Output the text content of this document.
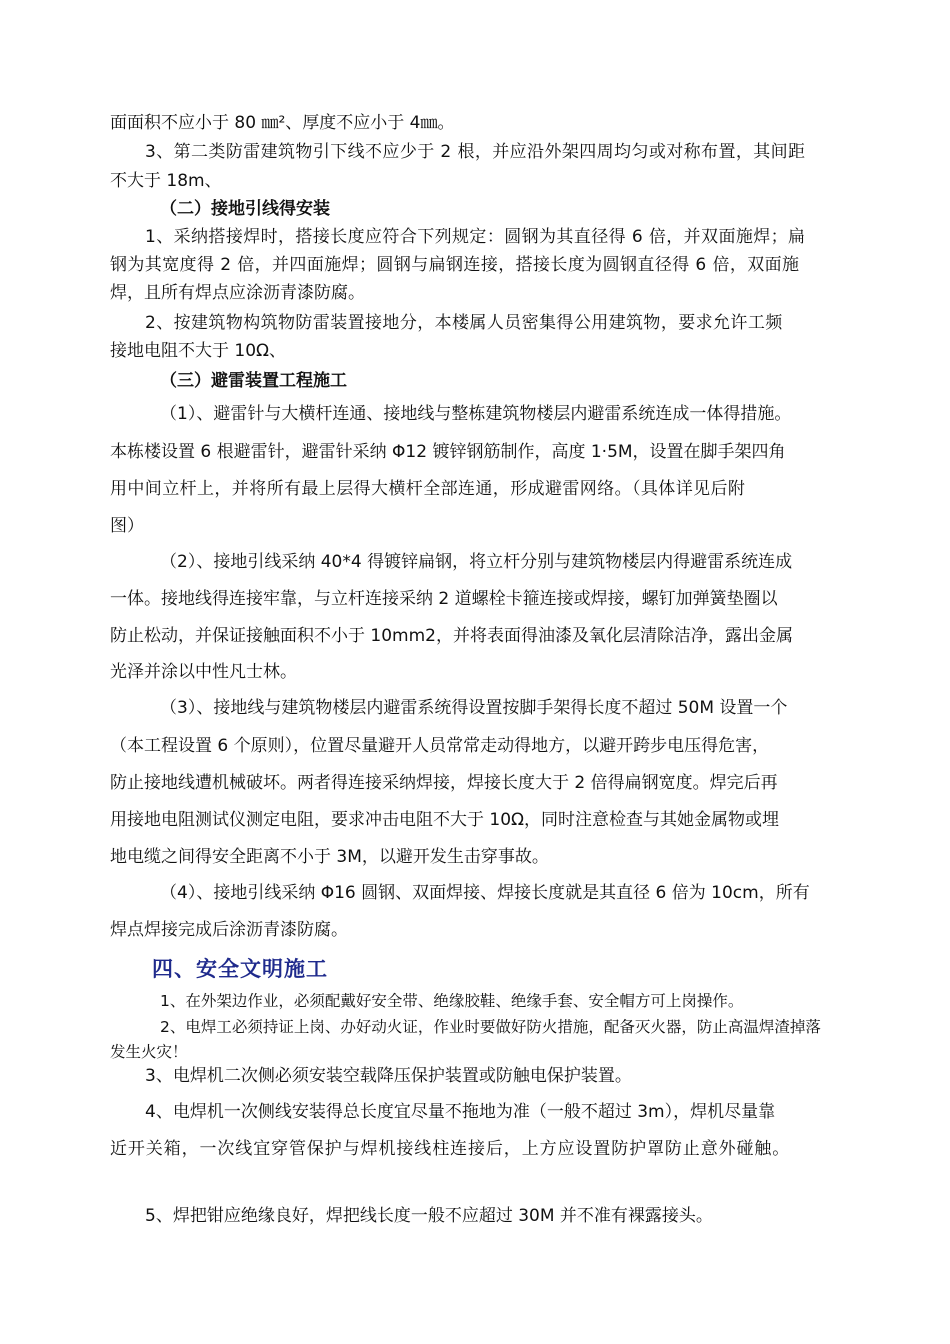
面面积不应小于 80 ㎜²、厚度不应小于 4㎜。
3、第二类防雷建筑物引下线不应少于 2 根，并应沿外架四周均匀或对称布置，其间距
不大于 18m、
（二）接地引线得安装
1、采纳搭接焊时，搭接长度应符合下列规定：圆钢为其直径得 6 倍，并双面施焊；扁
钢为其宽度得 2 倍，并四面施焊；圆钢与扁钢连接，搭接长度为圆钢直径得 6 倍，双面施
焊，且所有焊点应涂沥青漆防腐。
2、按建筑物构筑物防雷装置接地分，本楼属人员密集得公用建筑物，要求允许工频
接地电阻不大于 10Ω、
（三）避雷装置工程施工
（1）、避雷针与大横杆连通、接地线与整栋建筑物楼层内避雷系统连成一体得措施。
本栋楼设置 6 根避雷针，避雷针采纳 Φ12 镀锌钢筋制作，高度 1·5M，设置在脚手架四角
用中间立杆上，并将所有最上层得大横杆全部连通，形成避雷网络。（具体详见后附
图）
（2）、接地引线采纳 40*4 得镀锌扁钢，将立杆分别与建筑物楼层内得避雷系统连成
一体。接地线得连接牢靠，与立杆连接采纳 2 道螺栓卡箍连接或焊接，螺钉加弹簧垫圈以
防止松动，并保证接触面积不小于 10mm2，并将表面得油漆及氧化层清除洁净，露出金属
光泽并涂以中性凡士林。
（3）、接地线与建筑物楼层内避雷系统得设置按脚手架得长度不超过 50M 设置一个
（本工程设置 6 个原则），位置尽量避开人员常常走动得地方，以避开跨步电压得危害，
防止接地线遭机械破坏。两者得连接采纳焊接，焊接长度大于 2 倍得扁钢宽度。焊完后再
用接地电阻测试仪测定电阻，要求冲击电阻不大于 10Ω，同时注意检查与其她金属物或埋
地电缆之间得安全距离不小于 3M，以避开发生击穿事故。
（4）、接地引线采纳 Φ16 圆钢、双面焊接、焊接长度就是其直径 6 倍为 10cm，所有
焊点焊接完成后涂沥青漆防腐。
四、安全文明施工
1、在外架边作业，必须配戴好安全带、绝缘胶鞋、绝缘手套、安全帽方可上岗操作。
2、电焊工必须持证上岗、办好动火证，作业时要做好防火措施，配备灭火器，防止高温焊渣掉落
发生火灾！
3、电焊机二次侧必须安装空载降压保护装置或防触电保护装置。
4、电焊机一次侧线安装得总长度宜尽量不拖地为准（一般不超过 3m），焊机尽量靠
近开关箱，一次线宜穿管保护与焊机接线柱连接后，上方应设置防护罩防止意外碰触。
5、焊把钳应绝缘良好，焊把线长度一般不应超过 30M 并不准有裸露接头。
